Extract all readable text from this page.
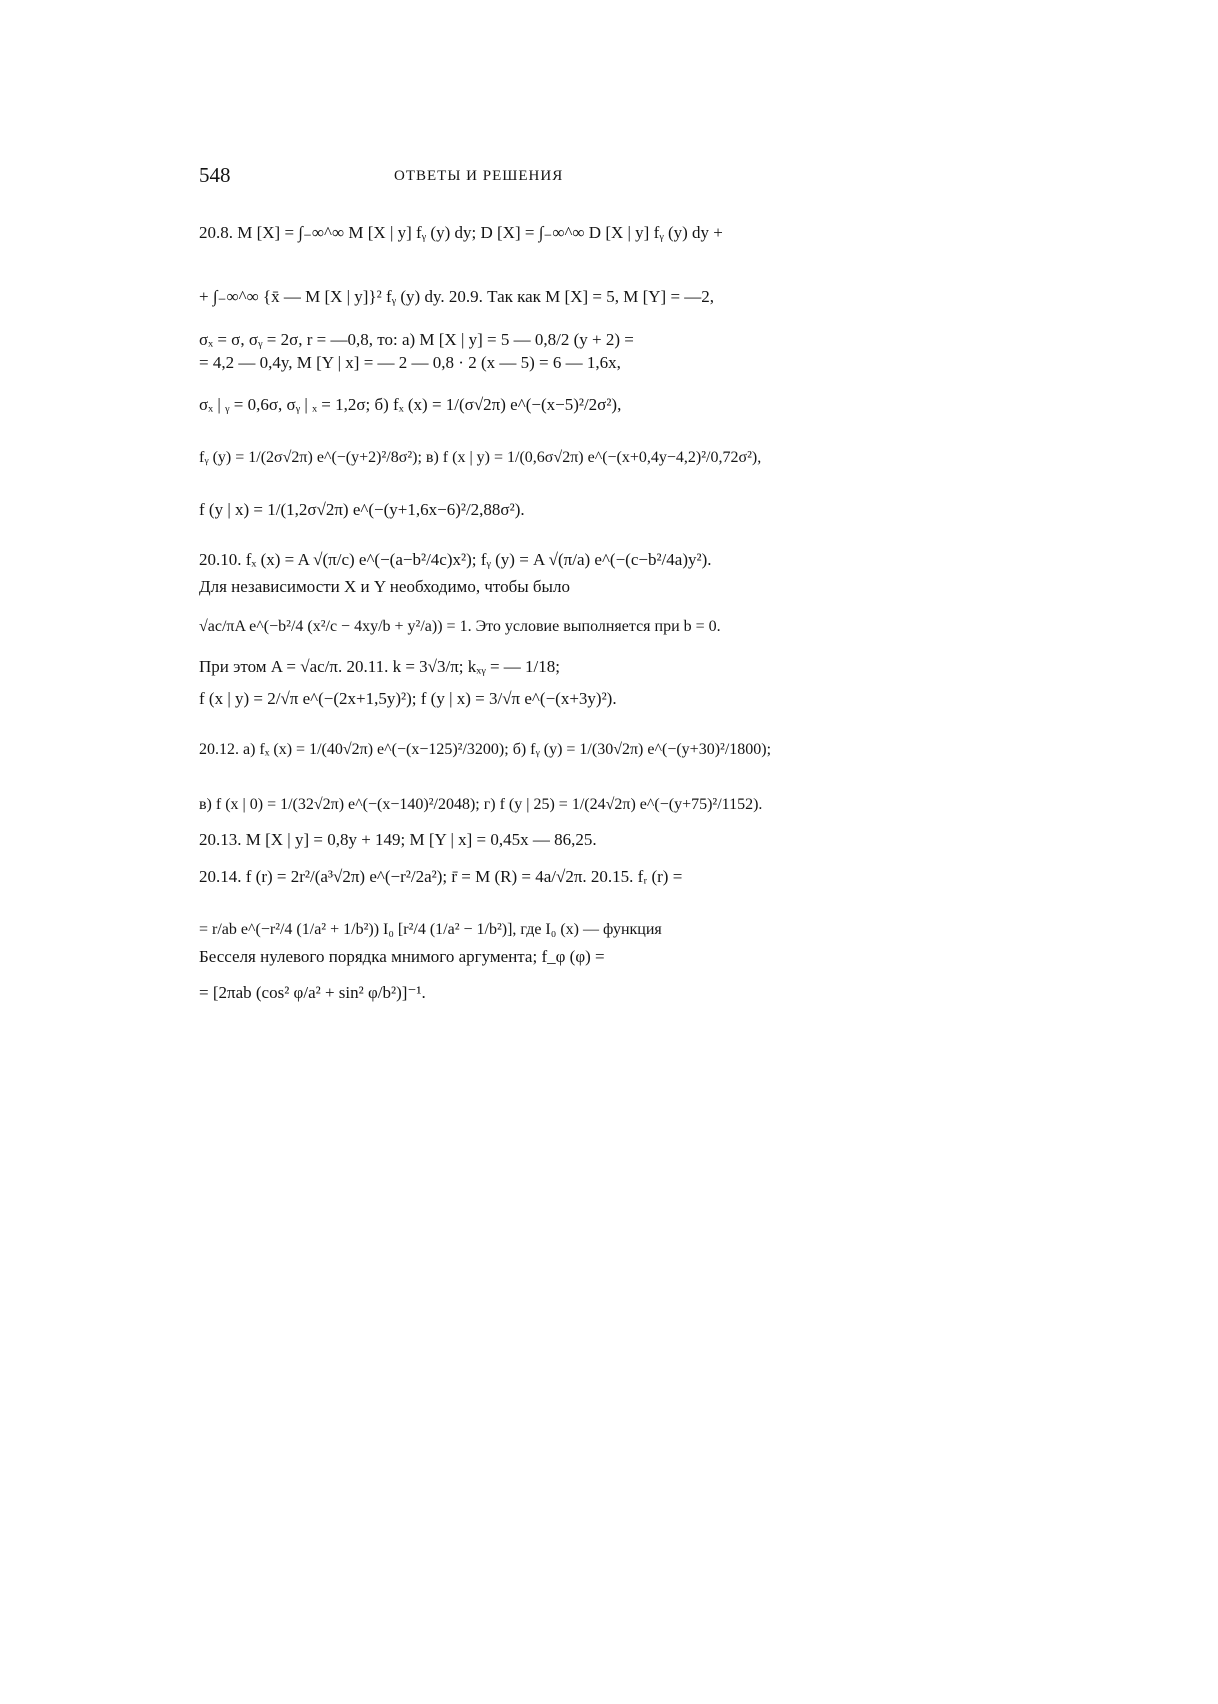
548	ОТВЕТЫ И РЕШЕНИЯ
20.8. M [X] = ∫₋∞^∞ M [X | y] fᵧ (y) dy; D [X] = ∫₋∞^∞ D [X | y] fᵧ (y) dy +
+ ∫₋∞^∞ {x̄ — M [X | y]}² fᵧ (y) dy. 20.9. Так как M [X] = 5, M [Y] = —2,
σₓ = σ, σᵧ = 2σ, r = —0,8, то: а) M [X | y] = 5 — 0,8/2 (y + 2) =
= 4,2 — 0,4y, M [Y | x] = — 2 — 0,8 · 2 (x — 5) = 6 — 1,6x,
σₓ | ᵧ = 0,6σ, σᵧ | ₓ = 1,2σ; б) fₓ (x) = 1/(σ√2π) e^(−(x−5)²/2σ²),
fᵧ (y) = 1/(2σ√2π) e^(−(y+2)²/8σ²); в) f (x | y) = 1/(0,6σ√2π) e^(−(x+0,4y−4,2)²/0,72σ²),
f (y | x) = 1/(1,2σ√2π) e^(−(y+1,6x−6)²/2,88σ²).
20.10. fₓ (x) = A √(π/c) e^(−(a−b²/4c)x²); fᵧ (y) = A √(π/a) e^(−(c−b²/4a)y²).
Для независимости X и Y необходимо, чтобы было
√ac/πA e^(−b²/4 (x²/c − 4xy/b + y²/a)) = 1. Это условие выполняется при b = 0.
При этом A = √ac/π. 20.11. k = 3√3/π; kₓᵧ = — 1/18;
f (x | y) = 2/√π e^(−(2x+1,5y)²); f (y | x) = 3/√π e^(−(x+3y)²).
20.12. а) fₓ (x) = 1/(40√2π) e^(−(x−125)²/3200); б) fᵧ (y) = 1/(30√2π) e^(−(y+30)²/1800);
в) f (x | 0) = 1/(32√2π) e^(−(x−140)²/2048); г) f (y | 25) = 1/(24√2π) e^(−(y+75)²/1152).
20.13. M [X | y] = 0,8y + 149; M [Y | x] = 0,45x — 86,25.
20.14. f (r) = 2r²/(a³√2π) e^(−r²/2a²); r̄ = M (R) = 4a/√2π. 20.15. fᵣ (r) =
= r/ab e^(−r²/4 (1/a² + 1/b²)) I₀ [r²/4 (1/a² − 1/b²)], где I₀ (x) — функция
Бесселя нулевого порядка мнимого аргумента; f_φ (φ) =
= [2πab (cos² φ/a² + sin² φ/b²)]⁻¹.
